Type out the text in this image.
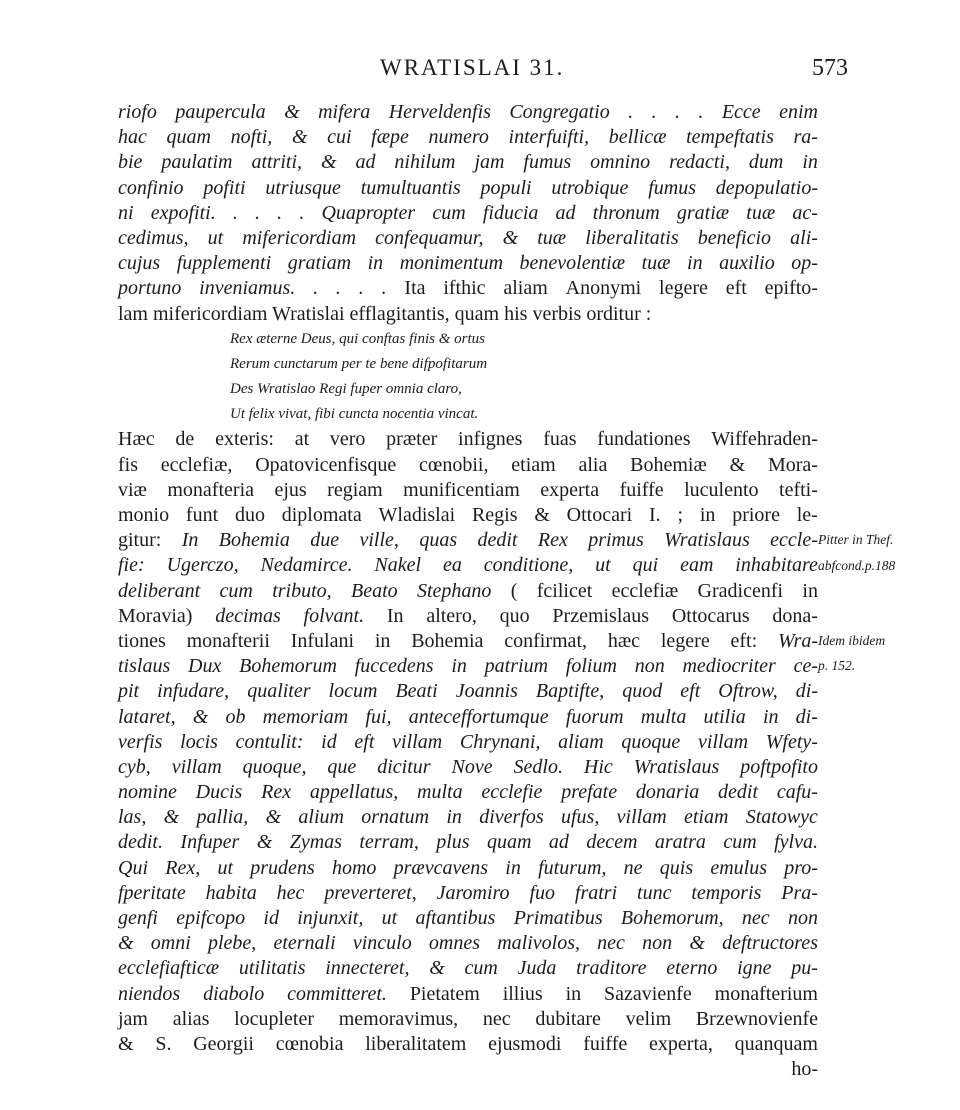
WRATISLAI 31.	573
riofo paupercula & mifera Herveldenfis Congregatio . . . . Ecce enim
hac quam nofti, & cui fæpe numero interfuifti, bellicæ tempeftatis ra-
bie paulatim attriti, & ad nihilum jam fumus omnino redacti, dum in
confinio pofiti utriusque tumultuantis populi utrobique fumus depopulatio-
ni expofiti. . . . . Quapropter cum fiducia ad thronum gratiæ tuæ ac-
cedimus, ut mifericordiam confequamur, & tuæ liberalitatis beneficio ali-
cujus fupplementi gratiam in monimentum benevolentiæ tuæ in auxilio op-
portuno inveniamus. . . . . Ita ifthic aliam Anonymi legere eft epifto-
lam mifericordiam Wratislai efflagitantis, quam his verbis orditur :
Rex æterne Deus, qui conftas finis & ortus
Rerum cunctarum per te bene difpofitarum
Des Wratislao Regi fuper omnia claro,
Ut felix vivat, fibi cuncta nocentia vincat.
Hæc de exteris: at vero præter infignes fuas fundationes Wiffehraden-
fis ecclefiæ, Opatovicenfisque cœnobii, etiam alia Bohemiæ & Mora-
viæ monafteria ejus regiam munificentiam experta fuiffe luculento tefti-
monio funt duo diplomata Wladislai Regis & Ottocari I. ; in priore le-
gitur: In Bohemia due ville, quas dedit Rex primus Wratislaus eccle-
fie: Ugerczo, Nedamirce. Nakel ea conditione, ut qui eam inhabitare
deliberant cum tributo, Beato Stephano ( fcilicet ecclefiæ Gradicenfi in
Moravia) decimas folvant. In altero, quo Przemislaus Ottocarus dona-
tiones monafterii Infulani in Bohemia confirmat, hæc legere eft: Wra-
tislaus Dux Bohemorum fuccedens in patrium folium non mediocriter ce-
pit infudare, qualiter locum Beati Joannis Baptifte, quod eft Oftrow, di-
lataret, & ob memoriam fui, anteceffortumque fuorum multa utilia in di-
verfis locis contulit: id eft villam Chrynani, aliam quoque villam Wfety-
cyb, villam quoque, que dicitur Nove Sedlo. Hic Wratislaus poftpofito
nomine Ducis Rex appellatus, multa ecclefie prefate donaria dedit cafu-
las, & pallia, & alium ornatum in diverfos ufus, villam etiam Statowyc
dedit. Infuper & Zymas terram, plus quam ad decem aratra cum fylva.
Qui Rex, ut prudens homo prævcavens in futurum, ne quis emulus pro-
fperitate habita hec preverteret, Jaromiro fuo fratri tunc temporis Pra-
genfi epifcopo id injunxit, ut aftantibus Primatibus Bohemorum, nec non
& omni plebe, eternali vinculo omnes malivolos, nec non & deftructores
ecclefiafticæ utilitatis innecteret, & cum Juda traditore eterno igne pu-
niendos diabolo committeret. Pietatem illius in Sazavienfe monafterium
jam alias locupleter memoravimus, nec dubitare velim Brzewnovienfe
& S. Georgii cœnobia liberalitatem ejusmodi fuiffe experta, quanquam
ho-
Pitter in Thef.
abfcond.p.188
Idem ibidem
p. 152.
